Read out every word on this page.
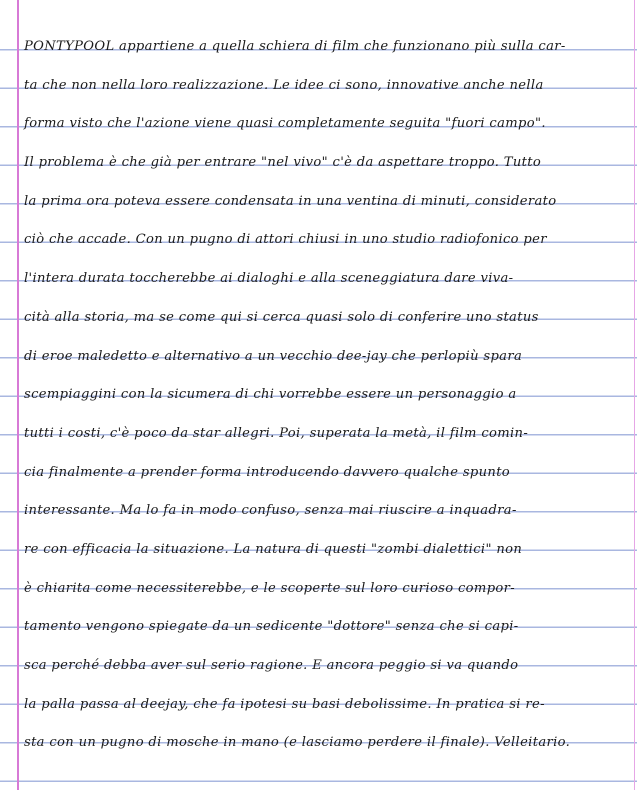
PONTYPOOL appartiene a quella schiera di film che funzionano più sulla car-
ta che non nella loro realizzazione. Le idee ci sono, innovative anche nella
forma visto che l'azione viene quasi completamente seguita "fuori campo".
Il problema è che già per entrare "nel vivo" c'è da aspettare troppo. Tutto
la prima ora poteva essere condensata in una ventina di minuti, considerato
ciò che accade. Con un pugno di attori chiusi in uno studio radiofonico per
l'intera durata toccherebbe ai dialoghi e alla sceneggiatura dare viva-
cità alla storia, ma se come qui si cerca quasi solo di conferire uno status
di eroe maledetto e alternativo a un vecchio dee-jay che perlopiù spara
scempiaggini con la sicumera di chi vorrebbe essere un personaggio a
tutti i costi, c'è poco da star allegri. Poi, superata la metà, il film comin-
cia finalmente a prender forma introducendo davvero qualche spunto
interessante. Ma lo fa in modo confuso, senza mai riuscire a inquadra-
re con efficacia la situazione. La natura di questi "zombi dialettici" non
è chiarita come necessiterebbe, e le scoperte sul loro curioso compor-
tamento vengono spiegate da un sedicente "dottore" senza che si capi-
sca perché debba aver sul serio ragione. E ancora peggio si va quando
la palla passa al deejay, che fa ipotesi su basi debolissime. In pratica si re-
sta con un pugno di mosche in mano (e lasciamo perdere il finale). Velleitario.
